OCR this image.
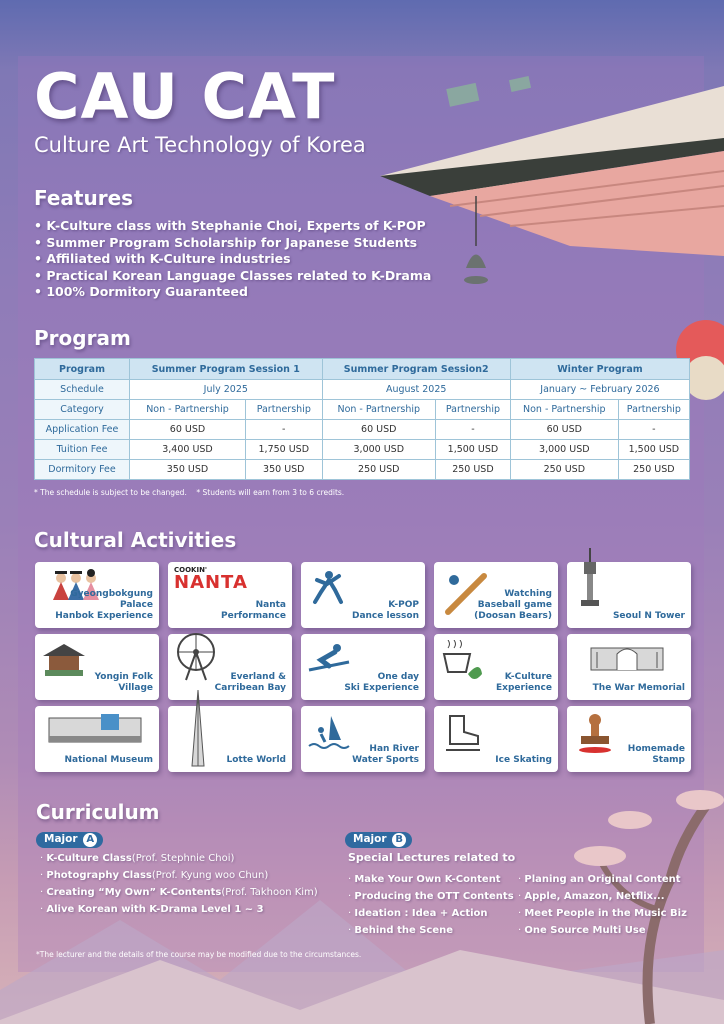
CAU CAT
Culture Art Technology of Korea
Features
• K-Culture class with Stephanie Choi, Experts of K-POP
• Summer Program Scholarship for Japanese Students
• Affiliated with K-Culture industries
• Practical Korean Language Classes related to K-Drama
• 100% Dormitory Guaranteed
Program
Program	Summer Program Session 1		Summer Program Session2		Winter Program	
Schedule	July 2025		August 2025		January ~ February 2026	
Category	Non - Partnership	Partnership	Non - Partnership	Partnership	Non - Partnership	Partnership
Application Fee	60 USD	-	60 USD	-	60 USD	-
Tuition Fee	3,400 USD	1,750 USD	3,000 USD	1,500 USD	3,000 USD	1,500 USD
Dormitory Fee	350 USD	350 USD	250 USD	250 USD	250 USD	250 USD
* The schedule is subject to be changed.    * Students will earn from 3 to 6 credits.
Cultural Activities
Gyeongbokgung Palace
Hanbok Experience
COOKIN'
NANTA
Nanta
Performance
K-POP
Dance lesson
Watching
Baseball game
(Doosan Bears)	Seoul N Tower
Yongin Folk
Village
Everland &
Carribean Bay
One day
Ski Experience
K-Culture
Experience	The War Memorial
National Museum	Lotte World
Han River
Water Sports	Ice Skating
Homemade
Stamp
Curriculum
Major A
· K-Culture Class(Prof. Stephnie Choi)
· Photography Class(Prof. Kyung woo Chun)
· Creating “My Own” K-Contents(Prof. Takhoon Kim)
· Alive Korean with K-Drama Level 1 ~ 3
Major B
Special Lectures related to
· Make Your Own K-Content
· Producing the OTT Contents
· Ideation : Idea + Action
· Behind the Scene
· Planing an Original Content
· Apple, Amazon, Netflix...
· Meet People in the Music Biz
· One Source Multi Use
*The lecturer and the details of the course may be modified due to the circumstances.
